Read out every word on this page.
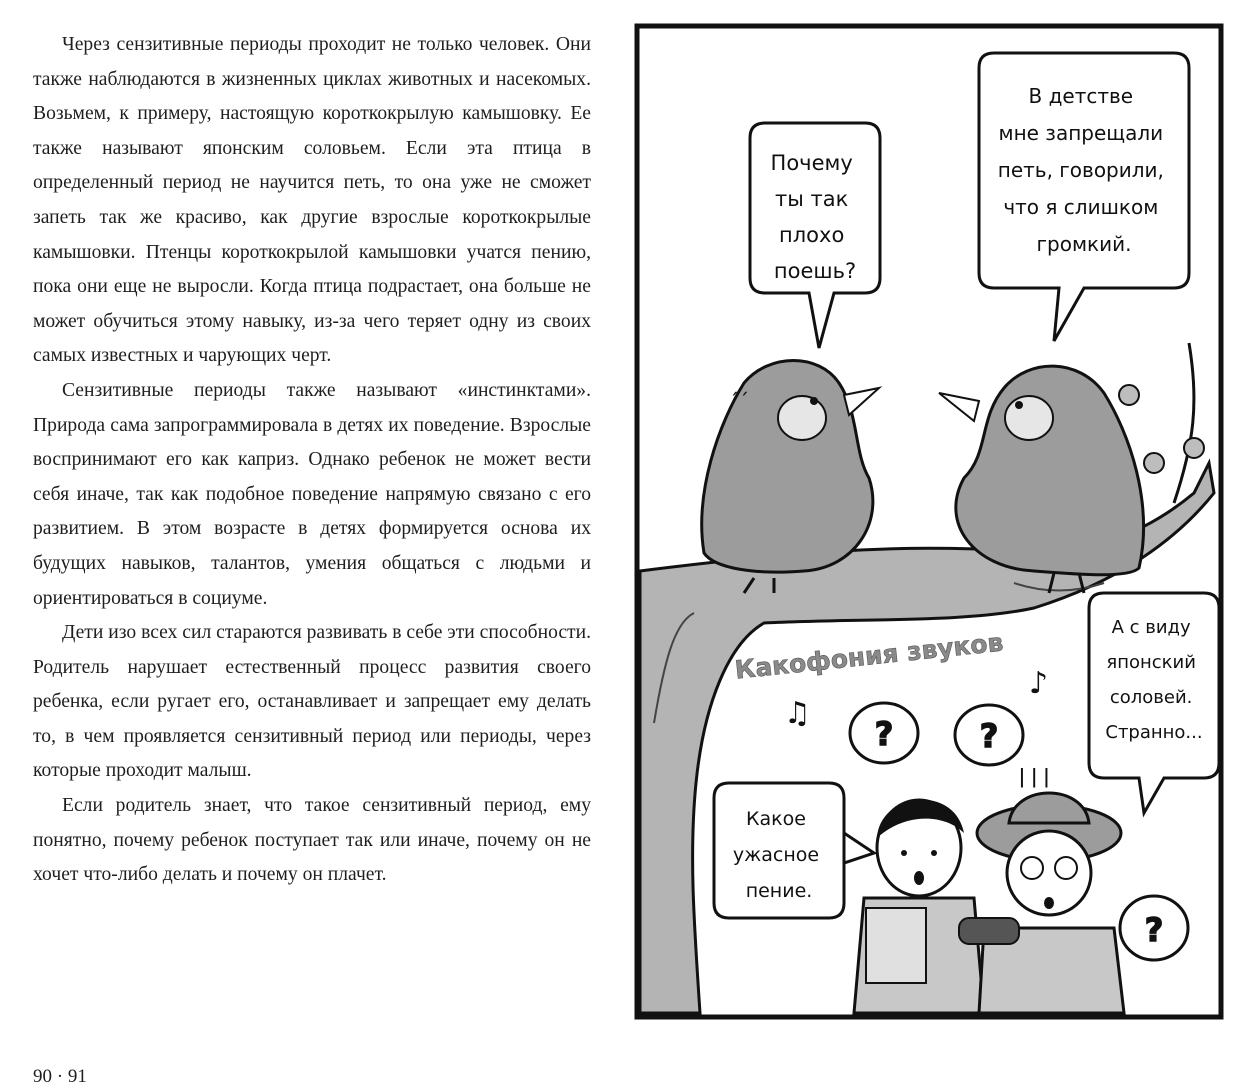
Через сензитивные периоды проходит не только человек. Они также наблюдаются в жизненных циклах животных и насекомых. Возьмем, к примеру, настоящую короткокрылую камышовку. Ее также называют японским соловьем. Если эта птица в определенный период не научится петь, то она уже не сможет запеть так же красиво, как другие взрослые короткокрылые камышовки. Птенцы короткокрылой камышовки учатся пению, пока они еще не выросли. Когда птица подрастает, она больше не может обучиться этому навыку, из-за чего теряет одну из своих самых известных и чарующих черт.

Сензитивные периоды также называют «инстинктами». Природа сама запрограммировала в детях их поведение. Взрослые воспринимают его как каприз. Однако ребенок не может вести себя иначе, так как подобное поведение напрямую связано с его развитием. В этом возрасте в детях формируется основа их будущих навыков, талантов, умения общаться с людьми и ориентироваться в социуме.

Дети изо всех сил стараются развивать в себе эти способности. Родитель нарушает естественный процесс развития своего ребенка, если ругает его, останавливает и запрещает ему делать то, в чем проявляется сензитивный период или периоды, через которые проходит малыш.

Если родитель знает, что такое сензитивный период, ему понятно, почему ребенок поступает так или иначе, почему он не хочет что-либо делать и почему он плачет.

90 · 91
´ˊ
Почему ты так плохо поешь?
В детстве мне запрещали петь, говорили, что я слишком громкий.
Какофония звуков
♫
♪
?	?
?
А с виду японский соловей. Странно...
Какое ужасное пение.
ǀ ǀ ǀ
